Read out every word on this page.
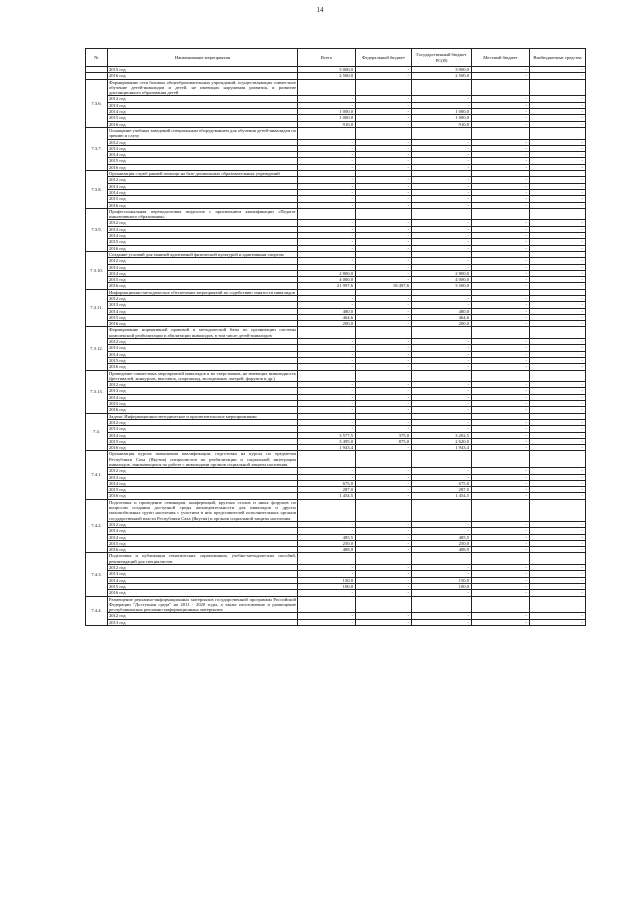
14
№	Наименование мероприятия	Всего	Федеральный бюджет	Государственный бюджет РС(Я)	Местный бюджет	Внебюджетные средства
	2015 год	3 000,0	-	3 000,0	-	-
	2016 год	2 500,0	-	2 500,0	-	-
7.3.6.	Формирование сети базовых общеобразовательных учреждений, осуществляющих совместное обучение детей-инвалидов и детей, не имеющих нарушения развития, и развитие дистанционного образования детей					
	2012 год	-	-	-	-	-
	2013 год	-	-	-	-	-
	2014 год	1 000,0	-	1 000,0	-	-
	2015 год	1 000,0	-	1 000,0	-	-
	2016 год	910,0	-	910,0	-	-
7.3.7.	Оснащение учебных заведений специальным оборудованием для обучения детей-инвалидов по зрению и слуху					
	2012 год	-	-	-	-	-
	2013 год	-	-	-	-	-
	2014 год	-	-	-	-	-
	2015 год	-	-	-	-	-
	2016 год	-	-	-	-	-
7.3.8.	Организация служб ранней помощи на базе дошкольных образовательных учреждений					
	2012 год	-	-	-	-	-
	2013 год	-	-	-	-	-
	2014 год	-	-	-	-	-
	2015 год	-	-	-	-	-
	2016 год	-	-	-	-	-
7.3.9.	Профессиональная переподготовка педагогов с присвоением квалификации «Педагог инклюзивного образования»					
	2012 год	-	-	-	-	-
	2013 год	-	-	-	-	-
	2014 год	-	-	-	-	-
	2015 год	-	-	-	-	-
	2016 год	-	-	-	-	-
7.3.10.	Создание условий для занятий адаптивной физической культурой и адаптивным спортом					
	2012 год	-	-	-	-	-
	2013 год	-	-	-	-	-
	2014 год	2 800,0	-	2 800,0	-	-
	2015 год	4 000,0	-	4 000,0	-	-
	2016 год	21 997,6	18 497,6	3 500,0	-	-
7.3.11.	Информационно-методическое обеспечение мероприятий по содействию занятости инвалидов					
	2012 год	-	-	-	-	-
	2013 год	-	-	-	-	-
	2014 год	480,0	-	480,0	-	-
	2015 год	464,6	-	464,6	-	-
	2016 год	200,0	-	200,0	-	-
7.3.12.	Формирование нормативной правовой и методической базы по организации системы комплексной реабилитации и абилитации инвалидов, в том числе детей-инвалидов					
	2012 год	-	-	-	-	-
	2013 год	-	-	-	-	-
	2014 год	-	-	-	-	-
	2015 год	-	-	-	-	-
	2016 год	-	-	-	-	-
7.3.13.	Проведение совместных мероприятий инвалидов и их сверстников, не имеющих инвалидность (фестивалей, конкурсов, выставок, спартакиад, молодежных лагерей, форумов и др.)					
	2012 год	-	-	-	-	-
	2013 год	-	-	-	-	-
	2014 год	-	-	-	-	-
	2015 год	-	-	-	-	-
	2016 год	-	-	-	-	-
7.4.	Задача: Информационно-методическое и просветительское мероприятиями					
	2012 год	-	-	-	-	-
	2013 год	-	-	-	-	-
	2014 год	3 577,5	375,0	3 202,5	-	-
	2015 год	3 495,0	875,0	2 620,0	-	-
	2016 год	1 943,4	-	1 943,4	-	-
7.4.1.	Организация курсов повышения квалификации, подготовка на курсах по предметам Республики Саха (Якутия) специалистов по реабилитации и социальной интеграции инвалидов, занимающихся по работе с инвалидами органов социальной защиты населения					
	2012 год	-	-	-	-	-
	2013 год	-	-	-	-	-
	2014 год	675,0	-	675,0	-	-
	2015 год	287,0	-	287,0	-	-
	2016 год	1 454,5	-	1 454,5	-	-
7.4.2.	Подготовка и проведение семинаров, конференций, круглых столов и иных форумов по вопросам создания доступной среды жизнедеятельности для инвалидов и других маломобильных групп населения с участием в них представителей исполнительных органов государственной власти Республики Саха (Якутия) и органов социальной защиты населения					
	2012 год	-	-	-	-	-
	2013 год	-	-	-	-	-
	2014 год	485,5	-	485,5	-	-
	2015 год	250,0	-	250,0	-	-
	2016 год	488,9	-	488,9	-	-
7.4.3.	Подготовка и публикация тематических справочников, учебно-методических пособий, рекомендаций для специалистов					
	2012 год	-	-	-	-	-
	2013 год	-	-	-	-	-
	2014 год	150,0	-	150,0	-	-
	2015 год	100,0	-	100,0	-	-
	2016 год	-	-	-	-	-
7.4.4.	Размещение рекламно-информационных материалов государственной программы Российской Федерации "Доступная среда" на 2011 - 2020 годы, а также изготовление и размещение республиканских рекламно-информационных материалов					
	2012 год	-	-	-	-	-
	2013 год	-	-	-	-	-
